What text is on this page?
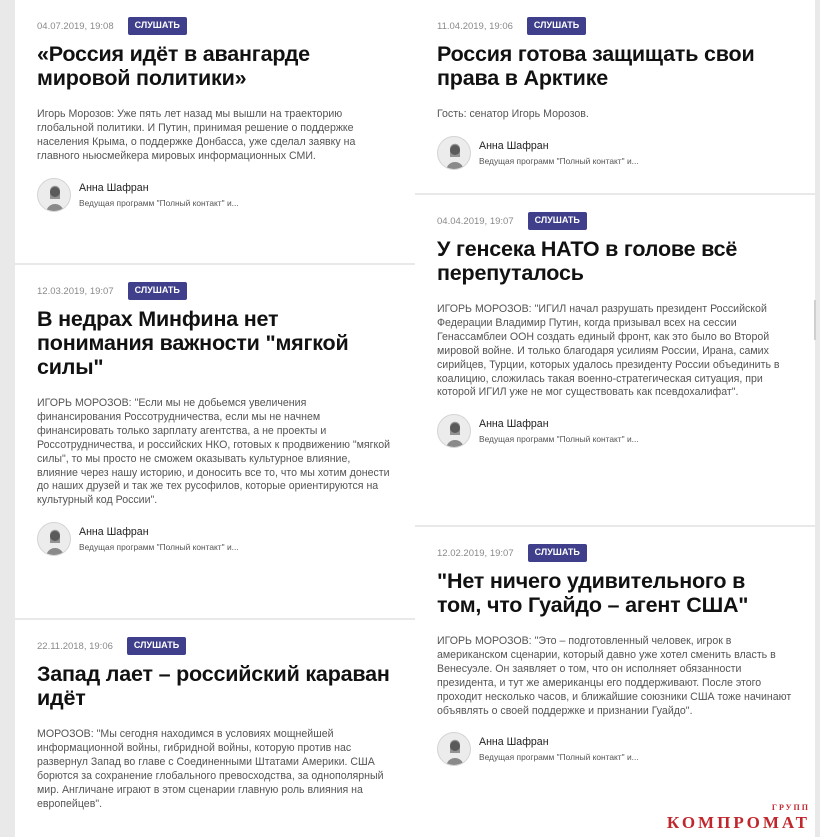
04.07.2019, 19:08	СЛУШАТЬ
«Россия идёт в авангарде мировой политики»
Игорь Морозов: Уже пять лет назад мы вышли на траекторию глобальной политики. И Путин, принимая решение о поддержке населения Крыма, о поддержке Донбасса, уже сделал заявку на главного ньюсмейкера мировых информационных СМИ.
Анна Шафран
Ведущая программ "Полный контакт" и...
12.03.2019, 19:07	СЛУШАТЬ
В недрах Минфина нет понимания важности "мягкой силы"
ИГОРЬ МОРОЗОВ: "Если мы не добьемся увеличения финансирования Россотрудничества, если мы не начнем финансировать только зарплату агентства, а не проекты и Россотрудничества, и российских НКО, готовых к продвижению "мягкой силы", то мы просто не сможем оказывать культурное влияние, влияние через нашу историю, и доносить все то, что мы хотим донести до наших друзей и так же тех русофилов, которые ориентируются на культурный код России".
Анна Шафран
Ведущая программ "Полный контакт" и...
22.11.2018, 19:06	СЛУШАТЬ
Запад лает – российский караван идёт
МОРОЗОВ: "Мы сегодня находимся в условиях мощнейшей информационной войны, гибридной войны, которую против нас развернул Запад во главе с Соединенными Штатами Америки. США борются за сохранение глобального превосходства, за однополярный мир. Англичане играют в этом сценарии главную роль влияния на европейцев".
11.04.2019, 19:06	СЛУШАТЬ
Россия готова защищать свои права в Арктике
Гость: сенатор Игорь Морозов.
Анна Шафран
Ведущая программ "Полный контакт" и...
04.04.2019, 19:07	СЛУШАТЬ
У генсека НАТО в голове всё перепуталось
ИГОРЬ МОРОЗОВ: "ИГИЛ начал разрушать президент Российской Федерации Владимир Путин, когда призывал всех на сессии Генассамблеи ООН создать единый фронт, как это было во Второй мировой войне. И только благодаря усилиям России, Ирана, самих сирийцев, Турции, которых удалось президенту России объединить в коалицию, сложилась такая военно-стратегическая ситуация, при которой ИГИЛ уже не мог существовать как псевдохалифат".
Анна Шафран
Ведущая программ "Полный контакт" и...
12.02.2019, 19:07	СЛУШАТЬ
"Нет ничего удивительного в том, что Гуайдо – агент США"
ИГОРЬ МОРОЗОВ: "Это – подготовленный человек, игрок в американском сценарии, который давно уже хотел сменить власть в Венесуэле. Он заявляет о том, что он исполняет обязанности президента, и тут же американцы его поддерживают. После этого проходит несколько часов, и ближайшие союзники США тоже начинают объявлять о своей поддержке и признании Гуайдо".
Анна Шафран
Ведущая программ "Полный контакт" и...
ГРУПП
КОМПРОМАТ
